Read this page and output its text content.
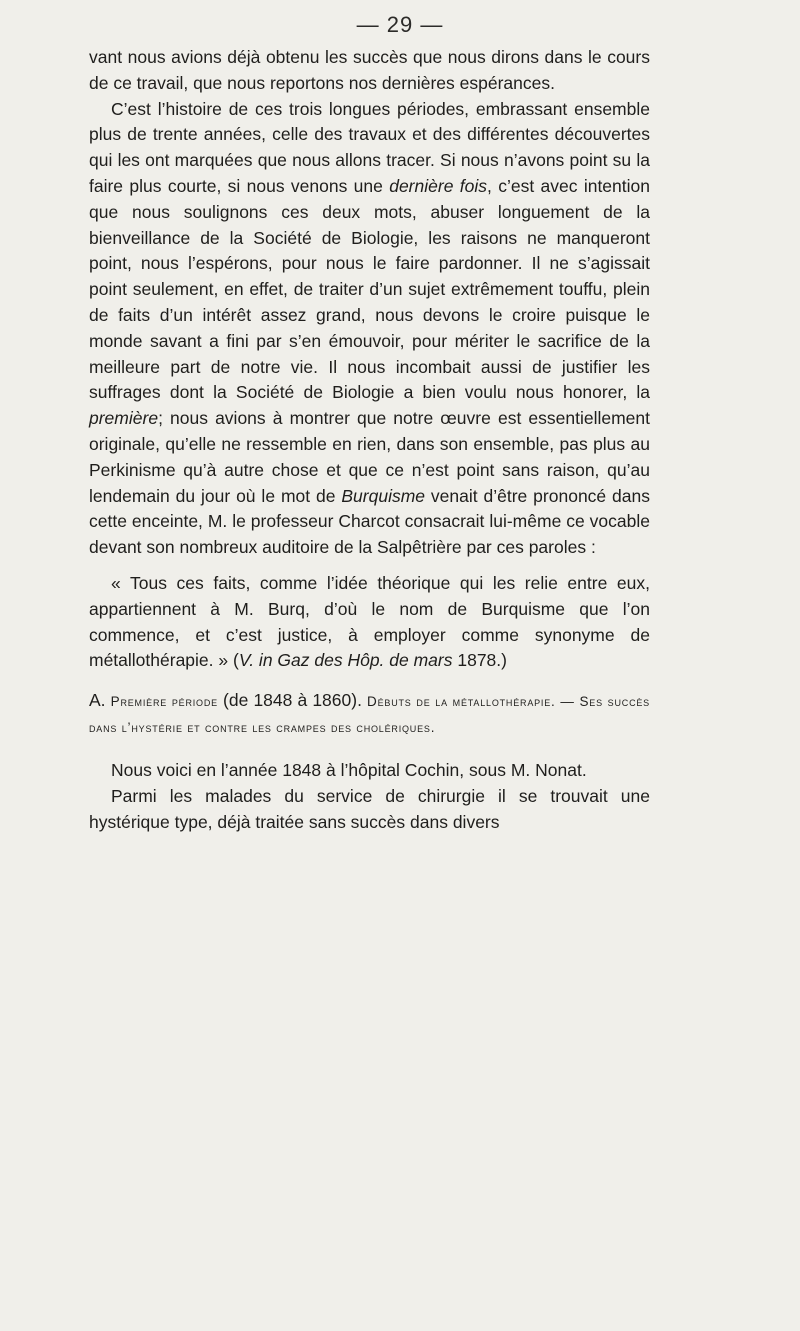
— 29 —

vant nous avions déjà obtenu les succès que nous dirons dans le cours de ce travail, que nous reportons nos dernières espérances.

C’est l’histoire de ces trois longues périodes, embrassant ensemble plus de trente années, celle des travaux et des différentes découvertes qui les ont marquées que nous allons tracer. Si nous n’avons point su la faire plus courte, si nous venons une dernière fois, c’est avec intention que nous soulignons ces deux mots, abuser longuement de la bienveillance de la Société de Biologie, les raisons ne manqueront point, nous l’espérons, pour nous le faire pardonner. Il ne s’agissait point seulement, en effet, de traiter d’un sujet extrêmement touffu, plein de faits d’un intérêt assez grand, nous devons le croire puisque le monde savant a fini par s’en émouvoir, pour mériter le sacrifice de la meilleure part de notre vie. Il nous incombait aussi de justifier les suffrages dont la Société de Biologie a bien voulu nous honorer, la première; nous avions à montrer que notre œuvre est essentiellement originale, qu’elle ne ressemble en rien, dans son ensemble, pas plus au Perkinisme qu’à autre chose et que ce n’est point sans raison, qu’au lendemain du jour où le mot de Burquisme venait d’être prononcé dans cette enceinte, M. le professeur Charcot consacrait lui-même ce vocable devant son nombreux auditoire de la Salpêtrière par ces paroles :

« Tous ces faits, comme l’idée théorique qui les relie entre eux, appartiennent à M. Burq, d’où le nom de Burquisme que l’on commence, et c’est justice, à employer comme synonyme de métallothérapie. » (V. in Gaz des Hôp. de mars 1878.)

A. Première période (de 1848 à 1860). Débuts de la métallothérapie. — Ses succès dans l’hystérie et contre les crampes des cholériques.

Nous voici en l’année 1848 à l’hôpital Cochin, sous M. Nonat.

Parmi les malades du service de chirurgie il se trouvait une hystérique type, déjà traitée sans succès dans divers
